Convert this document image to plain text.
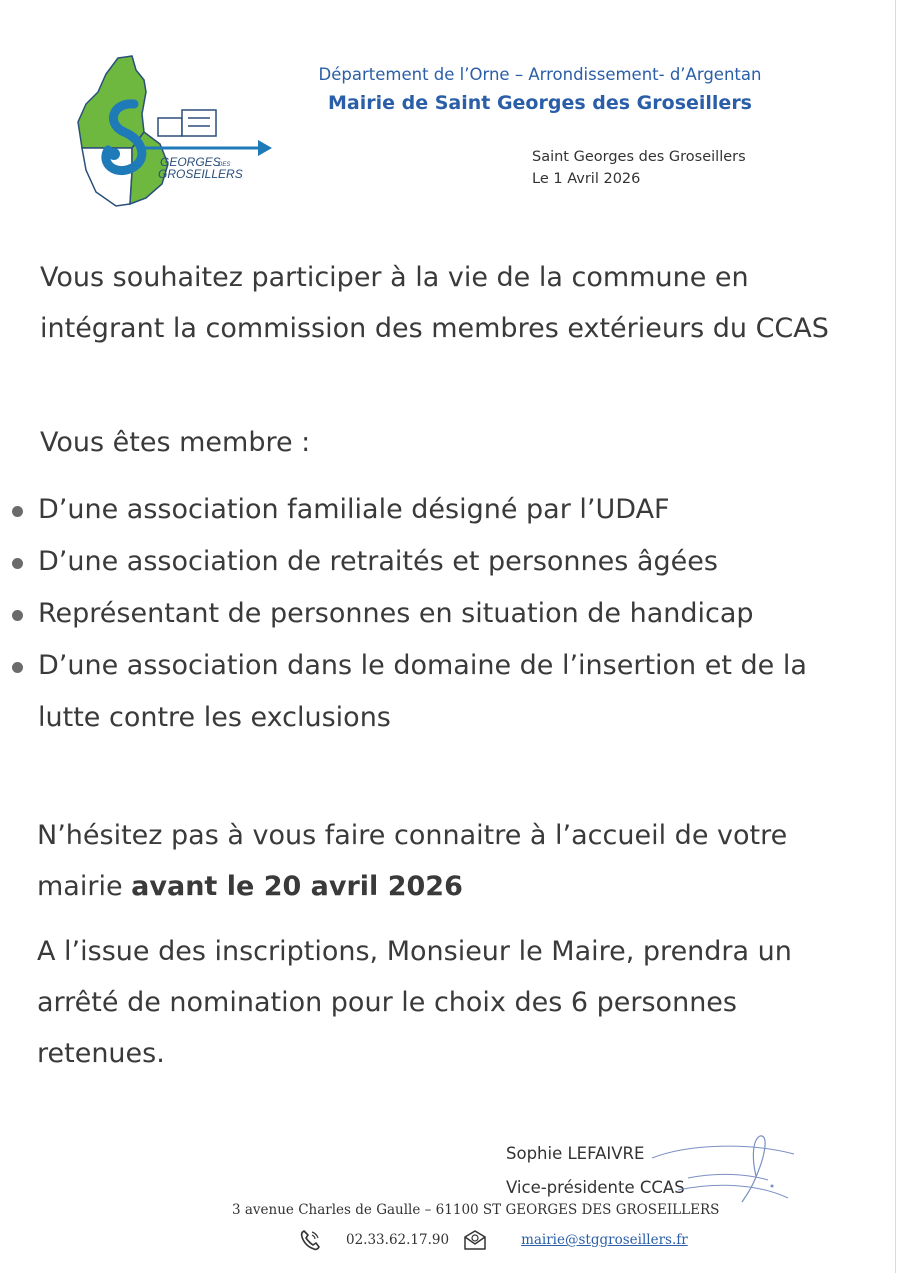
GEORGES
DES
GROSEILLERS
Département de l’Orne – Arrondissement- d’Argentan
Mairie de Saint Georges des Groseillers
Saint Georges des Groseillers
Le 1 Avril 2026
Vous souhaitez participer à la vie de la commune en intégrant la commission des membres extérieurs du CCAS
Vous êtes membre :
D’une association familiale désigné par l’UDAF
D’une association de retraités et personnes âgées
Représentant de personnes en situation de handicap
D’une association dans le domaine de l’insertion et de la lutte contre les exclusions
N’hésitez pas à vous faire connaitre à l’accueil de votre mairie avant le 20 avril 2026
A l’issue des inscriptions, Monsieur le Maire, prendra un arrêté de nomination pour le choix des 6 personnes retenues.
Sophie LEFAIVRE
Vice-présidente CCAS
3 avenue Charles de Gaulle – 61100 ST GEORGES DES GROSEILLERS
02.33.62.17.90	mairie@stggroseillers.fr
